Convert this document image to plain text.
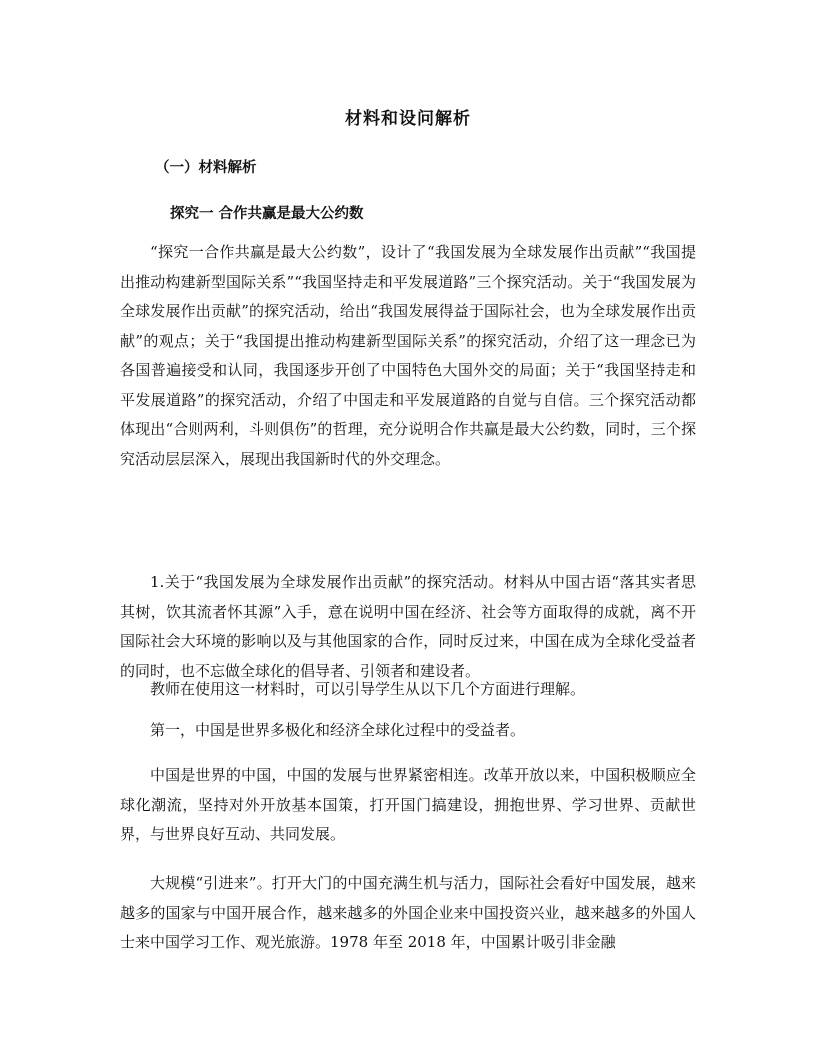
材料和设问解析
（一）材料解析
探究一 合作共赢是最大公约数

“探究一合作共赢是最大公约数”，设计了“我国发展为全球发展作出贡献”“我国提出推动构建新型国际关系”“我国坚持走和平发展道路”三个探究活动。关于“我国发展为全球发展作出贡献”的探究活动，给出“我国发展得益于国际社会，也为全球发展作出贡献”的观点；关于“我国提出推动构建新型国际关系”的探究活动，介绍了这一理念已为各国普遍接受和认同，我国逐步开创了中国特色大国外交的局面；关于“我国坚持走和平发展道路”的探究活动，介绍了中国走和平发展道路的自觉与自信。三个探究活动都体现出“合则两利，斗则俱伤”的哲理，充分说明合作共赢是最大公约数，同时，三个探究活动层层深入，展现出我国新时代的外交理念。

1.关于“我国发展为全球发展作出贡献”的探究活动。材料从中国古语“落其实者思其树，饮其流者怀其源”入手，意在说明中国在经济、社会等方面取得的成就，离不开国际社会大环境的影响以及与其他国家的合作，同时反过来，中国在成为全球化受益者的同时，也不忘做全球化的倡导者、引领者和建设者。

教师在使用这一材料时，可以引导学生从以下几个方面进行理解。

第一，中国是世界多极化和经济全球化过程中的受益者。

中国是世界的中国，中国的发展与世界紧密相连。改革开放以来，中国积极顺应全球化潮流，坚持对外开放基本国策，打开国门搞建设，拥抱世界、学习世界、贡献世界，与世界良好互动、共同发展。

大规模“引进来”。打开大门的中国充满生机与活力，国际社会看好中国发展，越来越多的国家与中国开展合作，越来越多的外国企业来中国投资兴业，越来越多的外国人士来中国学习工作、观光旅游。1978 年至 2018 年，中国累计吸引非金融
